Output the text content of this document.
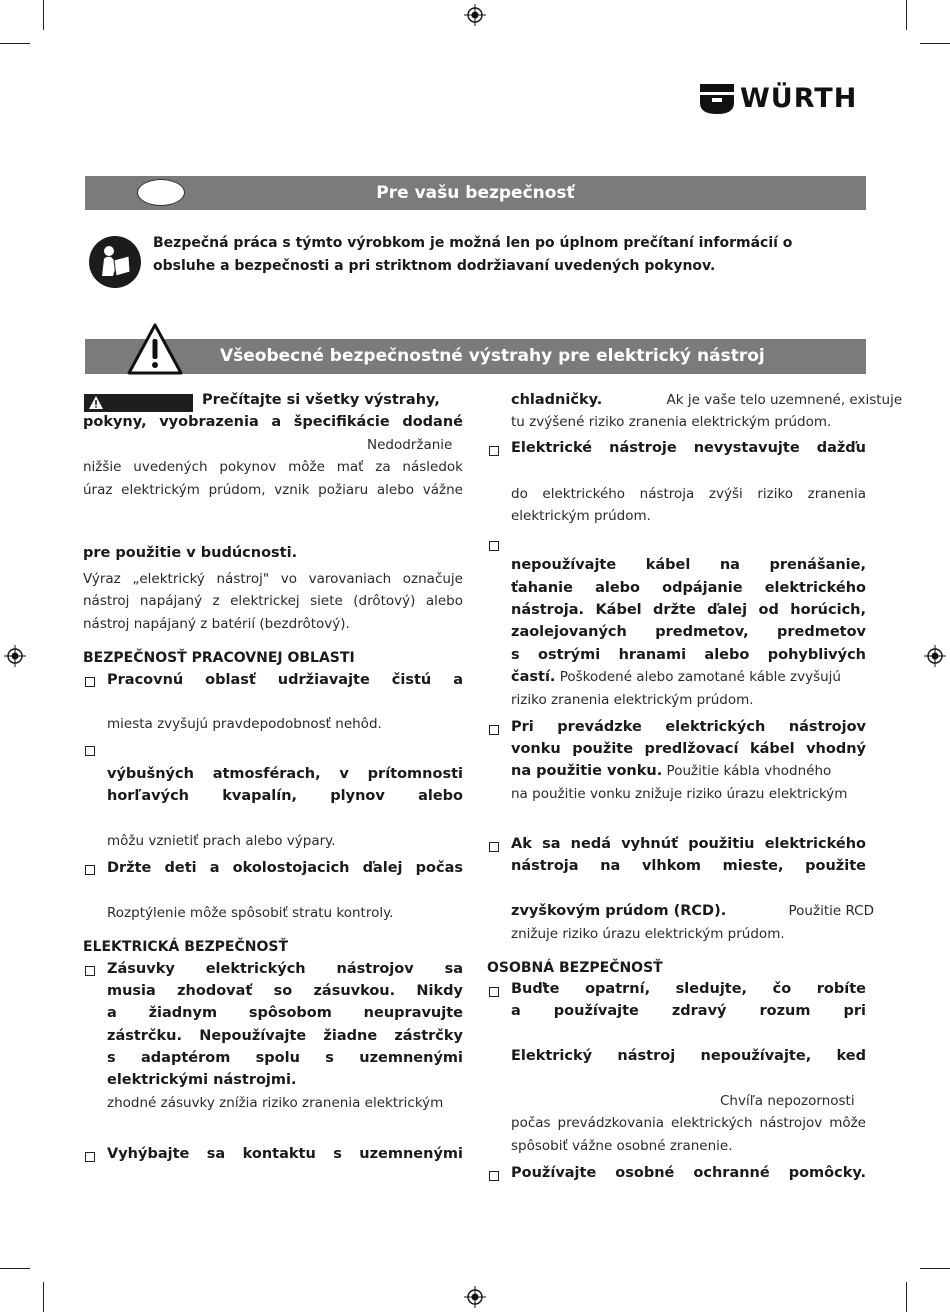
WÜRTH
Pre vašu bezpečnosť
Bezpečná práca s týmto výrobkom je možná len po úplnom prečítaní informácií o
obsluhe a bezpečnosti a pri striktnom dodržiavaní uvedených pokynov.
Všeobecné bezpečnostné výstrahy pre elektrický nástroj
Prečítajte si všetky výstrahy,
pokyny, vyobrazenia a špecifikácie dodané
Nedodržanie
nižšie uvedených pokynov môže mať za následok
úraz elektrickým prúdom, vznik požiaru alebo vážne
pre použitie v budúcnosti.
Výraz „elektrický nástroj" vo varovaniach označuje
nástroj napájaný z elektrickej siete (drôtový) alebo
nástroj napájaný z batérií (bezdrôtový).
BEZPEČNOSŤ PRACOVNEJ OBLASTI
Pracovnú oblasť udržiavajte čistú a
miesta zvyšujú pravdepodobnosť nehôd.
výbušných atmosférach, v prítomnosti
horľavých kvapalín, plynov alebo
môžu vznietiť prach alebo výpary.
Držte deti a okolostojacich ďalej počas
Rozptýlenie môže spôsobiť stratu kontroly.
ELEKTRICKÁ BEZPEČNOSŤ
Zásuvky elektrických nástrojov sa
musia zhodovať so zásuvkou. Nikdy
a žiadnym spôsobom neupravujte
zástrčku. Nepoužívajte žiadne zástrčky
s adaptérom spolu s uzemnenými
elektrickými nástrojmi.
zhodné zásuvky znížia riziko zranenia elektrickým
Vyhýbajte sa kontaktu s uzemnenými
chladničky.	Ak je vaše telo uzemnené, existuje
tu zvýšené riziko zranenia elektrickým prúdom.
Elektrické nástroje nevystavujte dažďu
do elektrického nástroja zvýši riziko zranenia
elektrickým prúdom.
nepoužívajte kábel na prenášanie,
ťahanie alebo odpájanie elektrického
nástroja. Kábel držte ďalej od horúcich,
zaolejovaných predmetov, predmetov
s ostrými hranami alebo pohyblivých
častí. Poškodené alebo zamotané káble zvyšujú
riziko zranenia elektrickým prúdom.
Pri prevádzke elektrických nástrojov
vonku použite predlžovací kábel vhodný
na použitie vonku. Použitie kábla vhodného
na použitie vonku znižuje riziko úrazu elektrickým
Ak sa nedá vyhnúť použitiu elektrického
nástroja na vlhkom mieste, použite
zvyškovým prúdom (RCD).	Použitie RCD
znižuje riziko úrazu elektrickým prúdom.
OSOBNÁ BEZPEČNOSŤ
Buďte opatrní, sledujte, čo robíte
a používajte zdravý rozum pri
Elektrický nástroj nepoužívajte, keď
Chvíľa nepozornosti
počas prevádzkovania elektrických nástrojov môže
spôsobiť vážne osobné zranenie.
Používajte osobné ochranné pomôcky.
